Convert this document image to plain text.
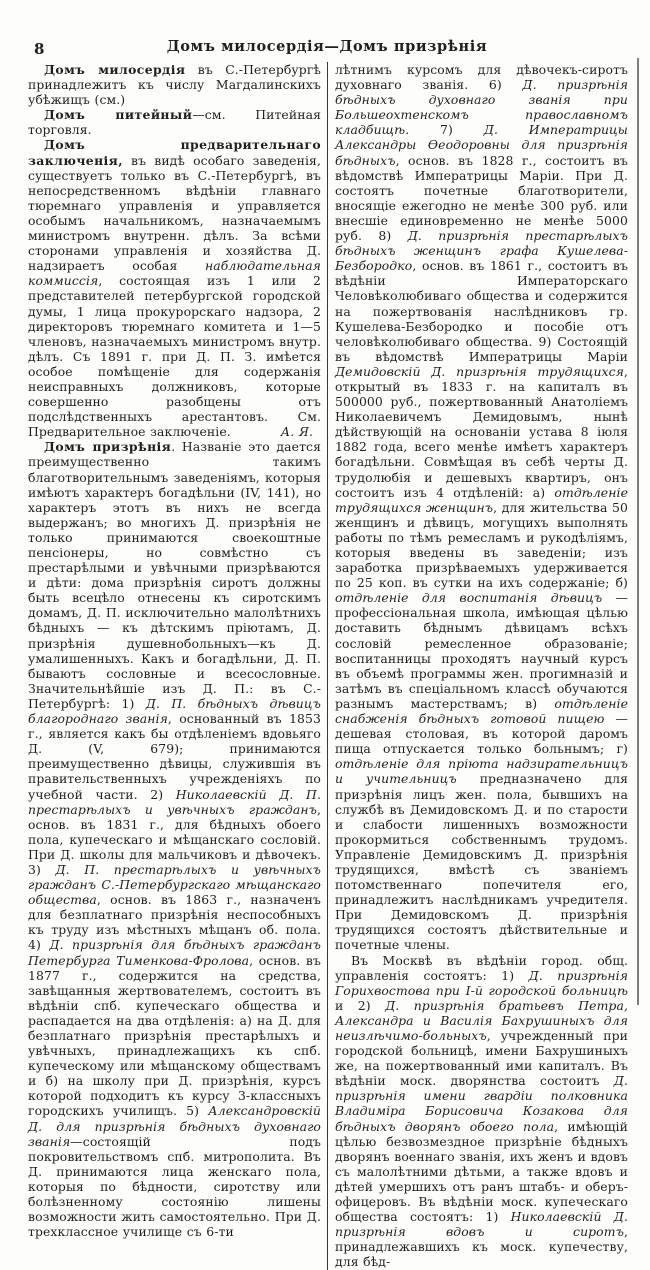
8	Домъ милосердія—Домъ призрѣнія

Домъ милосердія въ С.-Петербургѣ принадлежитъ къ числу Магдалинскихъ убѣжищъ (см.)

Домъ питейный—см. Питейная торговля.

Домъ предварительнаго заключенія, въ видѣ особаго заведенія, существуетъ только въ С.-Петербургѣ, въ непосредственномъ вѣдѣніи главнаго тюремнаго управленія и управляется особымъ начальникомъ, назначаемымъ министромъ внутренн. дѣлъ. За всѣми сторонами управленія и хозяйства Д. надзираетъ особая наблюдательная коммиссія, состоящая изъ 1 или 2 представителей петербургской городской думы, 1 лица прокурорскаго надзора, 2 директоровъ тюремнаго комитета и 1—5 членовъ, назначаемыхъ министромъ внутр. дѣлъ. Съ 1891 г. при Д. П. З. имѣется особое помѣщеніе для содержанія неисправныхъ должниковъ, которые совершенно разобщены отъ подслѣдственныхъ арестантовъ. См. Предварительное заключеніе.	А. Я.

Домъ призрѣнія. Названіе это дается преимущественно такимъ благотворительнымъ заведеніямъ, которыя имѣютъ характеръ богадѣльни (IV, 141), но характеръ этотъ въ нихъ не всегда выдержанъ; во многихъ Д. призрѣнія не только принимаются своекоштные пенсіонеры, но совмѣстно съ престарѣлыми и увѣчными призрѣваются и дѣти: дома призрѣнія сиротъ должны быть всецѣло отнесены къ сиротскимъ домамъ, Д. П. исключительно малолѣтнихъ бѣдныхъ — къ дѣтскимъ пріютамъ, Д. призрѣнія душевнобольныхъ—къ Д. умалишенныхъ. Какъ и богадѣльни, Д. П. бываютъ сословные и всесословные. Значительнѣйшіе изъ Д. П.: въ С.-Петербургѣ: 1) Д. П. бѣдныхъ дѣвицъ благороднаго званія, основанный въ 1853 г., является какъ бы отдѣленіемъ вдовьяго Д. (V, 679); принимаются преимущественно дѣвицы, служившія въ правительственныхъ учрежденіяхъ по учебной части. 2) Николаевскій Д. П. престарѣлыхъ и увѣчныхъ гражданъ, основ. въ 1831 г., для бѣдныхъ обоего пола, купеческаго и мѣщанскаго сословій. При Д. школы для мальчиковъ и дѣвочекъ. 3) Д. П. престарѣлыхъ и увѣчныхъ гражданъ С.-Петербургскаго мѣщанскаго общества, основ. въ 1863 г., назначенъ для безплатнаго призрѣнія неспособныхъ къ труду изъ мѣстныхъ мѣщанъ об. пола. 4) Д. призрѣнія для бѣдныхъ гражданъ Петербурга Тименкова-Фролова, основ. въ 1877 г., содержится на средства, завѣщанныя жертвователемъ, состоитъ въ вѣдѣніи спб. купеческаго общества и распадается на два отдѣленія: а) на Д. для безплатнаго призрѣнія престарѣлыхъ и увѣчныхъ, принадлежащихъ къ спб. купеческому или мѣщанскому обществамъ и б) на школу при Д. призрѣнія, курсъ которой подходитъ къ курсу 3-классныхъ городскихъ училищъ. 5) Александровскій Д. для призрѣнія бѣдныхъ духовнаго званія—состоящій подъ покровительствомъ спб. митрополита. Въ Д. принимаются лица женскаго пола, которыя по бѣдности, сиротству или болѣзненному состоянію лишены возможности жить самостоятельно. При Д. трехклассное училище съ 6-ти

лѣтнимъ курсомъ для дѣвочекъ-сиротъ духовнаго званія. 6) Д. призрѣнія бѣдныхъ духовнаго званія при Большеохтенскомъ православномъ кладбищѣ. 7) Д. Императрицы Александры Ѳеодоровны для призрѣнія бѣдныхъ, основ. въ 1828 г., состоитъ въ вѣдомствѣ Императрицы Маріи. При Д. состоятъ почетные благотворители, вносящіе ежегодно не менѣе 300 руб. или внесшіе единовременно не менѣе 5000 руб. 8) Д. призрѣнія престарѣлыхъ бѣдныхъ женщинъ графа Кушелева-Безбородко, основ. въ 1861 г., состоитъ въ вѣдѣніи Императорскаго Человѣколюбиваго общества и содержится на пожертвованія наслѣдниковъ гр. Кушелева-Безбородко и пособіе отъ человѣколюбиваго общества. 9) Состоящій въ вѣдомствѣ Императрицы Маріи Демидовскій Д. призрѣнія трудящихся, открытый въ 1833 г. на капиталъ въ 500000 руб., пожертвованный Анатоліемъ Николаевичемъ Демидовымъ, нынѣ дѣйствующій на основаніи устава 8 іюля 1882 года, всего менѣе имѣетъ характеръ богадѣльни. Совмѣщая въ себѣ черты Д. трудолюбія и дешевыхъ квартиръ, онъ состоитъ изъ 4 отдѣленій: а) отдѣленіе трудящихся женщинъ, для жительства 50 женщинъ и дѣвицъ, могущихъ выполнять работы по тѣмъ ремесламъ и рукодѣліямъ, которыя введены въ заведеніи; изъ заработка призрѣваемыхъ удерживается по 25 коп. въ сутки на ихъ содержаніе; б) отдѣленіе для воспитанія дѣвицъ — профессіональная школа, имѣющая цѣлью доставить бѣднымъ дѣвицамъ всѣхъ сословій ремесленное образованіе; воспитанницы проходятъ научный курсъ въ объемѣ программы жен. прогимназій и затѣмъ въ спеціальномъ классѣ обучаются разнымъ мастерствамъ; в) отдѣленіе снабженія бѣдныхъ готовой пищею — дешевая столовая, въ которой даромъ пища отпускается только больнымъ; г) отдѣленіе для пріюта надзирательницъ и учительницъ предназначено для призрѣнія лицъ жен. пола, бывшихъ на службѣ въ Демидовскомъ Д. и по старости и слабости лишенныхъ возможности прокормиться собственнымъ трудомъ. Управленіе Демидовскимъ Д. призрѣнія трудящихся, вмѣстѣ съ званіемъ потомственнаго попечителя его, принадлежитъ наслѣдникамъ учредителя. При Демидовскомъ Д. призрѣнія трудящихся состоятъ дѣйствительные и почетные члены.

Въ Москвѣ въ вѣдѣніи город. общ. управленія состоятъ: 1) Д. призрѣнія Горихвостова при I-й городской больницѣ и 2) Д. призрѣнія братьевъ Петра, Александра и Василія Бахрушиныхъ для неизлѣчимо-больныхъ, учрежденный при городской больницѣ, имени Бахрушиныхъ же, на пожертвованный ими капиталъ. Въ вѣдѣніи моск. дворянства состоитъ Д. призрѣнія имени гвардіи полковника Владиміра Борисовича Козакова для бѣдныхъ дворянъ обоего пола, имѣющій цѣлью безвозмездное призрѣніе бѣдныхъ дворянъ военнаго званія, ихъ женъ и вдовъ съ малолѣтними дѣтьми, а также вдовъ и дѣтей умершихъ отъ ранъ штабъ- и оберъ-офицеровъ. Въ вѣдѣніи моск. купеческаго общества состоятъ: 1) Николаевскій Д. призрѣнія вдовъ и сиротъ, принадлежавшихъ къ моск. купечеству, для бѣд-
